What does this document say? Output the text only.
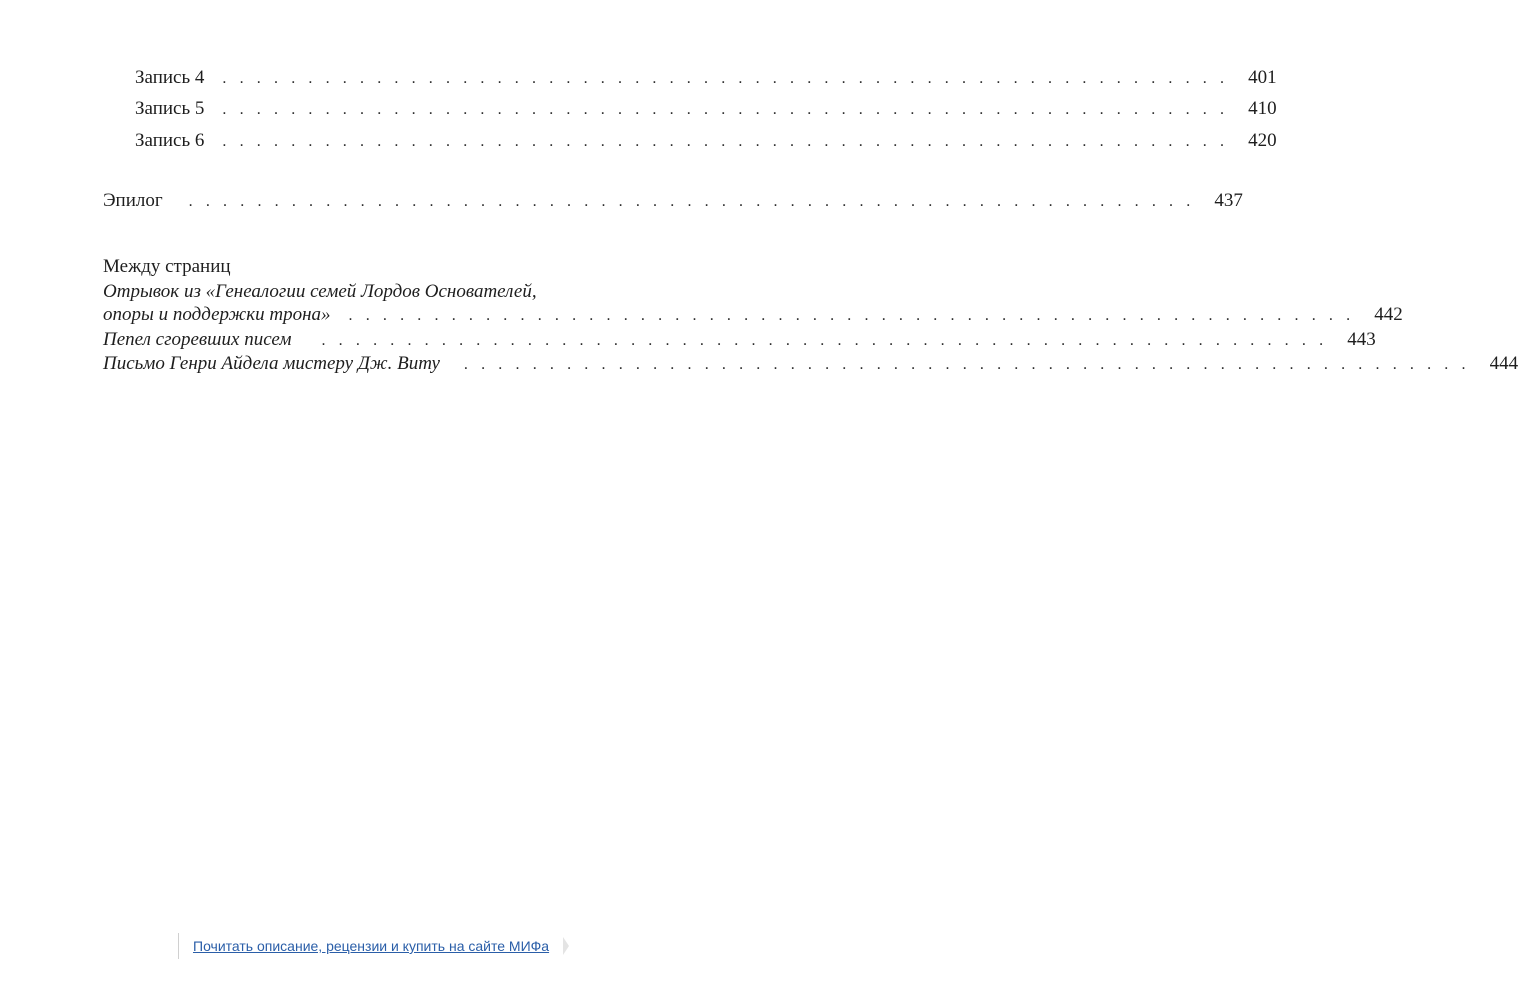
Запись 4 . . . . . . . . . . . . . . . . . . . . . . . . . . . . . . . . . . . . . . . . . . . . . . . . . . . . . . . . . . . 401
Запись 5 . . . . . . . . . . . . . . . . . . . . . . . . . . . . . . . . . . . . . . . . . . . . . . . . . . . . . . . . . . . 410
Запись 6 . . . . . . . . . . . . . . . . . . . . . . . . . . . . . . . . . . . . . . . . . . . . . . . . . . . . . . . . . . . 420
Эпилог . . . . . . . . . . . . . . . . . . . . . . . . . . . . . . . . . . . . . . . . . . . . . . . . . . . . . . . . . . . 437
Между страниц
Отрывок из «Генеалогии семей Лордов Основателей,
опоры и поддержки трона» . . . . . . . . . . . . . . . . . . . . . . . . . . . . . . . . . . . . . . . . . . . . . . . . . . . . . . . . . . . 442
Пепел сгоревших писем . . . . . . . . . . . . . . . . . . . . . . . . . . . . . . . . . . . . . . . . . . . . . . . . . . . . . . . . . . . 443
Письмо Генри Айдела мистеру Дж. Виту . . . . . . . . . . . . . . . . . . . . . . . . . . . . . . . . . . . . . . . . . . . . . . . . . . . . . . . . . . . 444
Почитать описание, рецензии и купить на сайте МИФа
